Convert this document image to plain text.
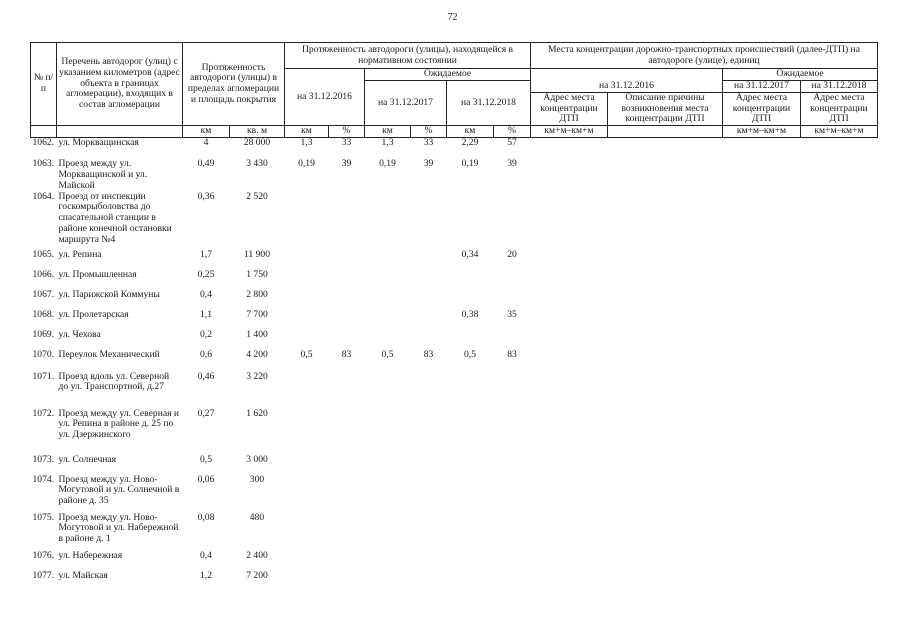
72
№ п/п	Перечень автодорог (улиц) с указанием километров (адрес объекта в границах агломерации), входящих в состав агломерации	Протяженность автодороги (улицы) в пределах агломерации и площадь покрытия		Протяженность автодороги (улицы), находящейся в нормативном состоянии						Места концентрации дорожно-транспортных происшествий (далее-ДТП) на автодороге (улице), единиц			
				на 31.12.2016		Ожидаемое				на 31.12.2016		Ожидаемое	
						на 31.12.2017		на 31.12.2018				на 31.12.2017	на 31.12.2018
										Адрес места концентрации ДТП	Описание причины возникновения места концентрации ДТП	Адрес места концентрации ДТП	Адрес места концентрации ДТП
		км	кв. м	км	%	км	%	км	%	км+м–км+м		км+м–км+м	км+м–км+м
1062.	ул. Моркващинская	4	28 000	1,3	33	1,3	33	2,29	57				
1063.	Проезд между ул. Моркващинской и ул. Майской	0,49	3 430	0,19	39	0,19	39	0,19	39				
1064.	Проезд от инспекции госкомрыболовства до спасательной станции в районе конечной остановки маршрута №4	0,36	2 520										
1065.	ул. Репина	1,7	11 900					0,34	20				
1066.	ул. Промышленная	0,25	1 750										
1067.	ул. Парижской Коммуны	0,4	2 800										
1068.	ул. Пролетарская	1,1	7 700					0,38	35				
1069.	ул. Чехова	0,2	1 400										
1070.	Переулок Механический	0,6	4 200	0,5	83	0,5	83	0,5	83				
1071.	Проезд вдоль ул. Северной до ул. Транспортной, д.27	0,46	3 220										
1072.	Проезд между ул. Северная и ул. Репина в районе д. 25 по ул. Дзержинского	0,27	1 620										
1073.	ул. Солнечная	0,5	3 000										
1074.	Проезд между ул. Ново-Могутовой и ул. Солнечной в районе д. 35	0,06	300										
1075.	Проезд между ул. Ново-Могутовой и ул. Набережной в районе д. 1	0,08	480										
1076.	ул. Набережная	0,4	2 400										
1077.	ул. Майская	1,2	7 200										
